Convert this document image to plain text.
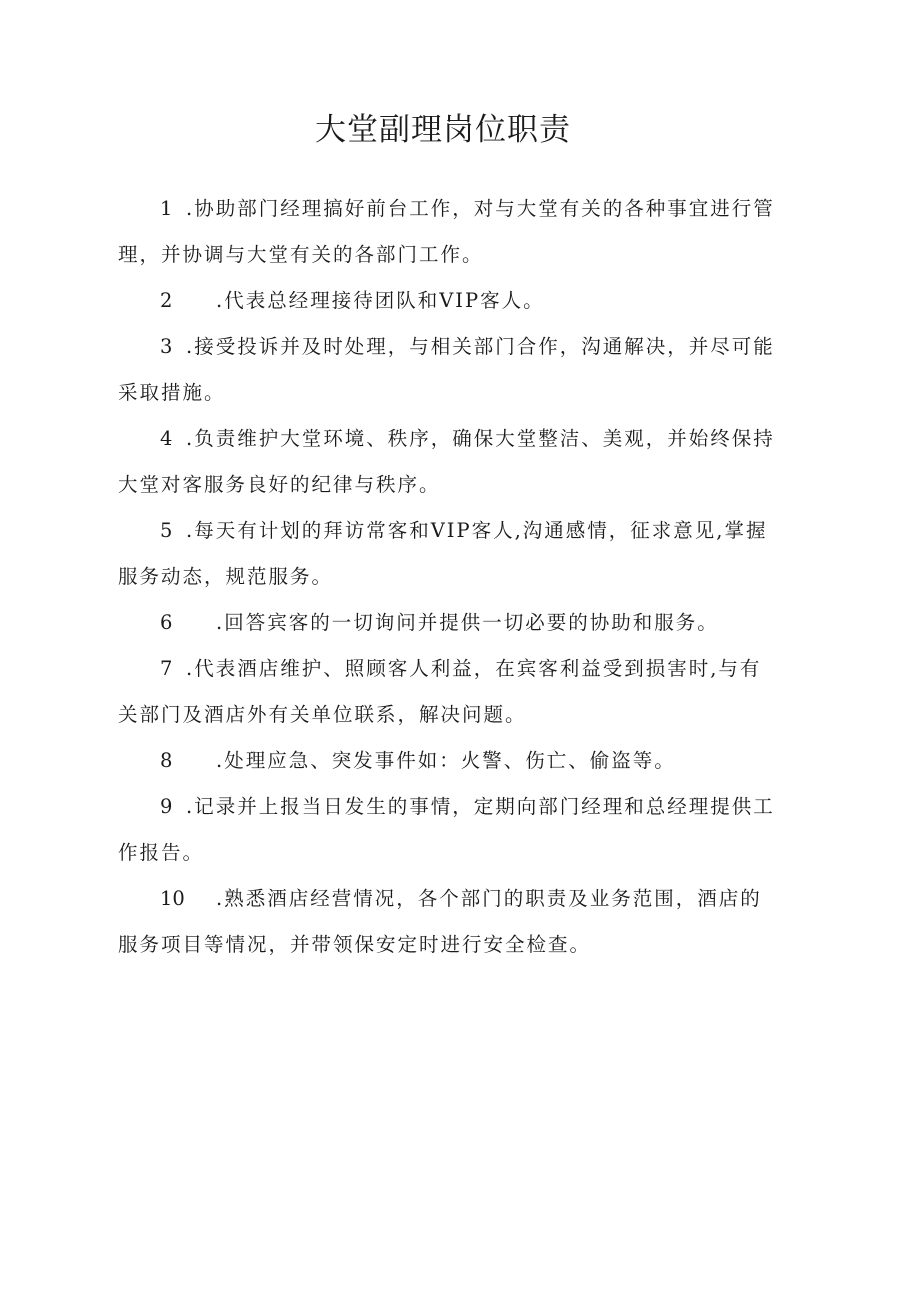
大堂副理岗位职责

1 .协助部门经理搞好前台工作，对与大堂有关的各种事宜进行管理，并协调与大堂有关的各部门工作。

2 .代表总经理接待团队和VIP客人。

3 .接受投诉并及时处理，与相关部门合作，沟通解决，并尽可能采取措施。

4 .负责维护大堂环境、秩序，确保大堂整洁、美观，并始终保持大堂对客服务良好的纪律与秩序。

5 .每天有计划的拜访常客和VIP客人,沟通感情，征求意见,掌握服务动态，规范服务。

6 .回答宾客的一切询问并提供一切必要的协助和服务。

7 .代表酒店维护、照顾客人利益，在宾客利益受到损害时,与有关部门及酒店外有关单位联系，解决问题。

8 .处理应急、突发事件如：火警、伤亡、偷盗等。

9 .记录并上报当日发生的事情，定期向部门经理和总经理提供工作报告。

10 .熟悉酒店经营情况，各个部门的职责及业务范围，酒店的服务项目等情况，并带领保安定时进行安全检查。
